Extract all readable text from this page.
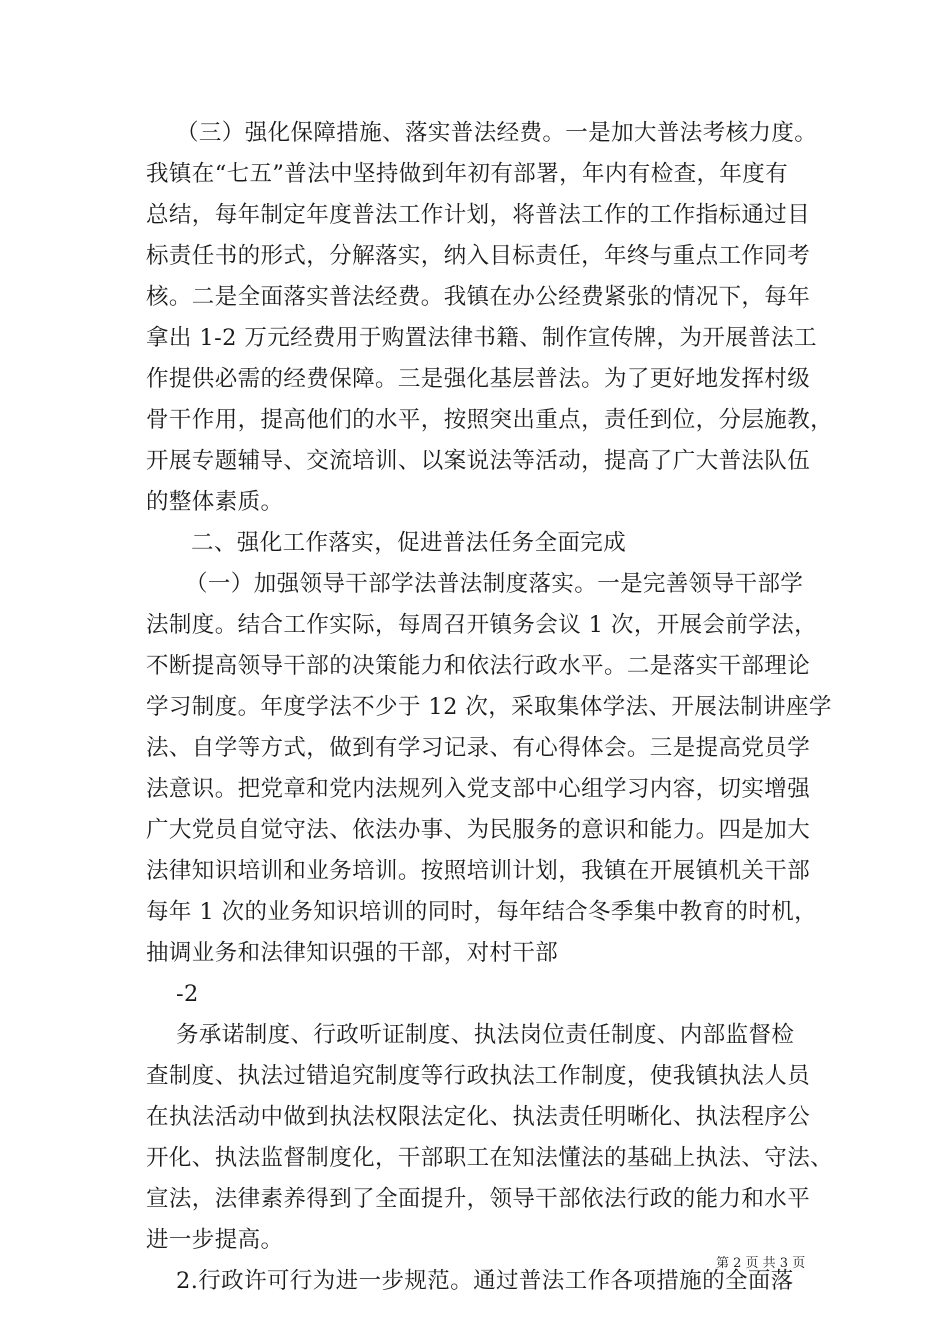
（三）强化保障措施、落实普法经费。一是加大普法考核力度。
我镇在“七五”普法中坚持做到年初有部署，年内有检查，年度有
总结，每年制定年度普法工作计划，将普法工作的工作指标通过目
标责任书的形式，分解落实，纳入目标责任，年终与重点工作同考
核。二是全面落实普法经费。我镇在办公经费紧张的情况下，每年
拿出 1-2 万元经费用于购置法律书籍、制作宣传牌，为开展普法工
作提供必需的经费保障。三是强化基层普法。为了更好地发挥村级
骨干作用，提高他们的水平，按照突出重点，责任到位，分层施教，
开展专题辅导、交流培训、以案说法等活动，提高了广大普法队伍
的整体素质。
二、强化工作落实，促进普法任务全面完成
（一）加强领导干部学法普法制度落实。一是完善领导干部学
法制度。结合工作实际，每周召开镇务会议 1 次，开展会前学法，
不断提高领导干部的决策能力和依法行政水平。二是落实干部理论
学习制度。年度学法不少于 12 次，采取集体学法、开展法制讲座学
法、自学等方式，做到有学习记录、有心得体会。三是提高党员学
法意识。把党章和党内法规列入党支部中心组学习内容，切实增强
广大党员自觉守法、依法办事、为民服务的意识和能力。四是加大
法律知识培训和业务培训。按照培训计划，我镇在开展镇机关干部
每年 1 次的业务知识培训的同时，每年结合冬季集中教育的时机，
抽调业务和法律知识强的干部，对村干部
-2
务承诺制度、行政听证制度、执法岗位责任制度、内部监督检
查制度、执法过错追究制度等行政执法工作制度，使我镇执法人员
在执法活动中做到执法权限法定化、执法责任明晰化、执法程序公
开化、执法监督制度化，干部职工在知法懂法的基础上执法、守法、
宣法，法律素养得到了全面提升，领导干部依法行政的能力和水平
进一步提高。
2.行政许可行为进一步规范。通过普法工作各项措施的全面落
第 2 页 共 3 页
